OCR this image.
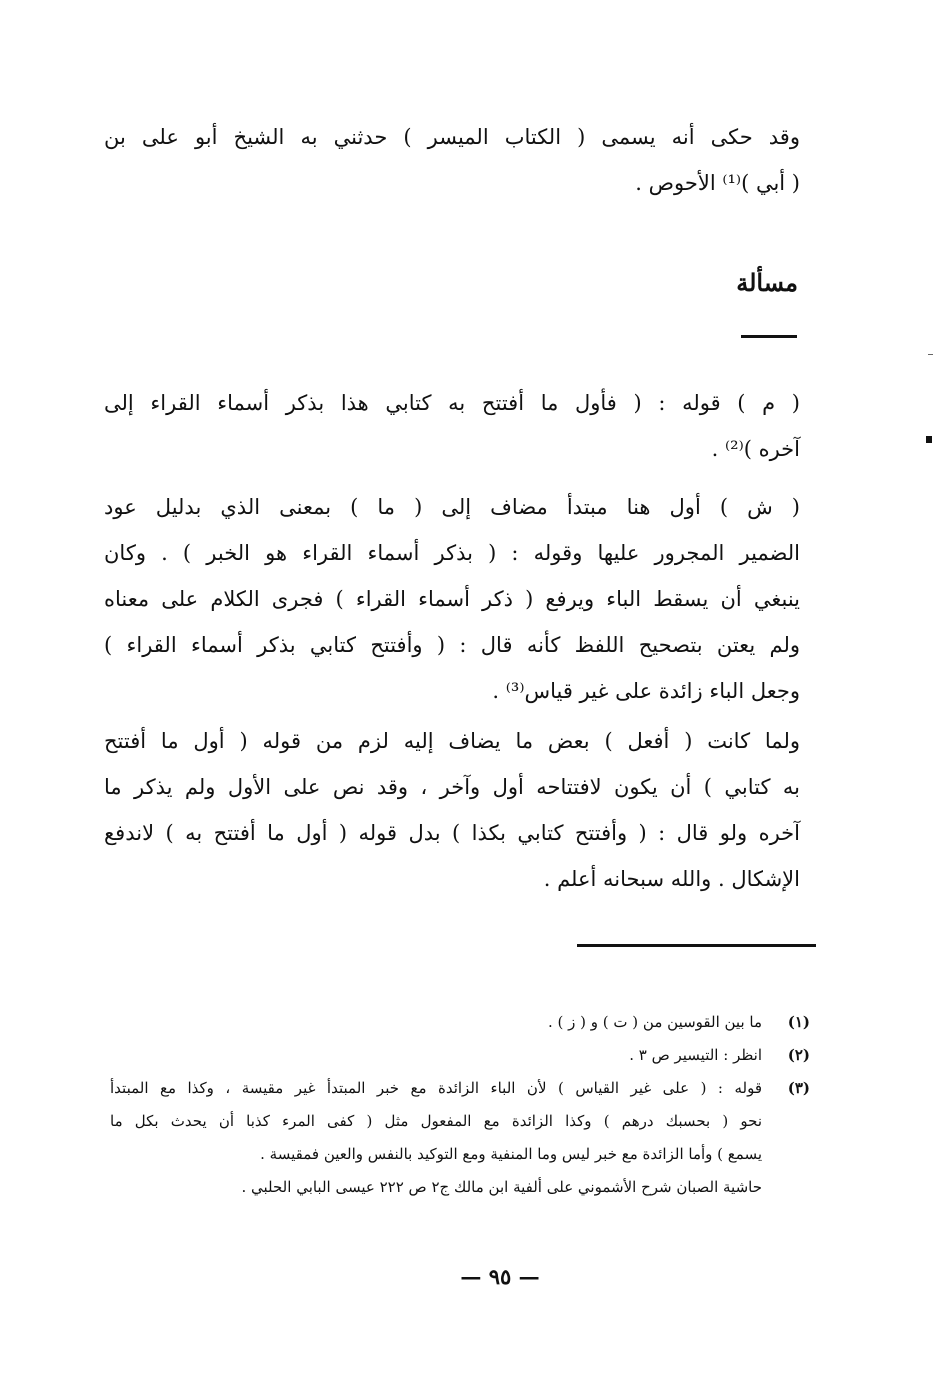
وقد حكى أنه يسمى ( الكتاب الميسر ) حدثني به الشيخ أبو على بن
( أبي )⁽¹⁾ الأحوص .
مسألة
( م ) قوله : ( فأول ما أفتتح به كتابي هذا بذكر أسماء القراء إلى
آخره )⁽²⁾ .
( ش ) أول هنا مبتدأ مضاف إلى ( ما ) بمعنى الذي بدليل عود
الضمير المجرور عليها وقوله : ( بذكر أسماء القراء هو الخبر ) . وكان
ينبغي أن يسقط الباء ويرفع ( ذكر أسماء القراء ) فجرى الكلام على معناه
ولم يعتن بتصحيح اللفظ كأنه قال : ( وأفتتح كتابي بذكر أسماء القراء )
وجعل الباء زائدة على غير قياس⁽³⁾ .
ولما كانت ( أفعل ) بعض ما يضاف إليه لزم من قوله ( أول ما أفتتح
به كتابي ) أن يكون لافتتاحه أول وآخر ، وقد نص على الأول ولم يذكر ما
آخره ولو قال : ( وأفتتح كتابي بكذا ) بدل قوله ( أول ما أفتتح به ) لاندفع
الإشكال . والله سبحانه أعلم .
(١)
ما بين القوسين من ( ت ) و ( ز ) .
(٢)
انظر : التيسير ص ٣ .
(٣)
قوله : ( على غير القياس ) لأن الباء الزائدة مع خبر المبتدأ غير مقيسة ، وكذا مع المبتدأ
نحو ( بحسبك درهم ) وكذا الزائدة مع المفعول مثل ( كفى المرء كذبا أن يحدث بكل ما
يسمع ) وأما الزائدة مع خبر ليس وما المنفية ومع التوكيد بالنفس والعين فمقيسة .
حاشية الصبان شرح الأشموني على ألفية ابن مالك ج٢ ص ٢٢٢ عيسى البابي الحلبي .
— ٩٥ —
